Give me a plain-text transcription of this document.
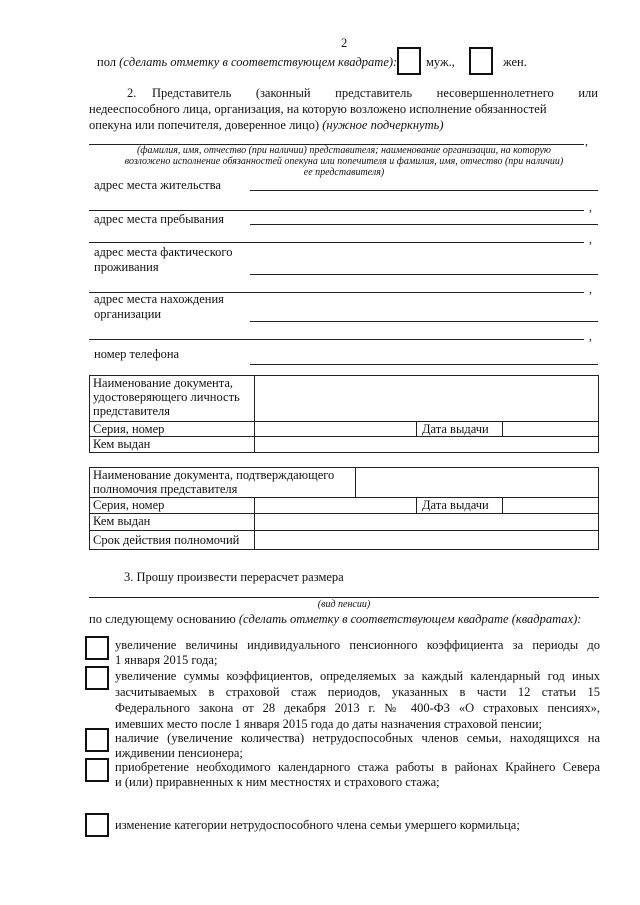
2
пол (сделать отметку в соответствующем квадрате): муж.,	жен.
2. Представитель (законный представитель несовершеннолетнего или
недееспособного лица, организация, на которую возложено исполнение обязанностей
опекуна или попечителя, доверенное лицо) (нужное подчеркнуть)
,
(фамилия, имя, отчество (при наличии) представителя; наименование организации, на которую
возложено исполнение обязанностей опекуна или попечителя и фамилия, имя, отчество (при наличии)
ее представителя)
адрес места жительства
,
адрес места пребывания
,
адрес места фактического
проживания
,
адрес места нахождения
организации
,
номер телефона
Наименование документа,
удостоверяющего личность
представителя			

Серия, номер		Дата выдачи	
Кем выдан			
Наименование документа, подтверждающего
полномочия представителя				

Серия, номер			Дата выдачи	
Кем выдан				
Срок действия полномочий				
3. Прошу произвести перерасчет размера
(вид пенсии)
по следующему основанию (сделать отметку в соответствующем квадрате (квадратах):
увеличение величины индивидуального пенсионного коэффициента за периоды до
1 января 2015 года;
увеличение суммы коэффициентов, определяемых за каждый календарный год иных
засчитываемых в страховой стаж периодов, указанных в части 12 статьи 15
Федерального закона от 28 декабря 2013 г. № 400-ФЗ «О страховых пенсиях»,
имевших место после 1 января 2015 года до даты назначения страховой пенсии;
наличие (увеличение количества) нетрудоспособных членов семьи, находящихся на
иждивении пенсионера;
приобретение необходимого календарного стажа работы в районах Крайнего Севера
и (или) приравненных к ним местностях и страхового стажа;
изменение категории нетрудоспособного члена семьи умершего кормильца;
